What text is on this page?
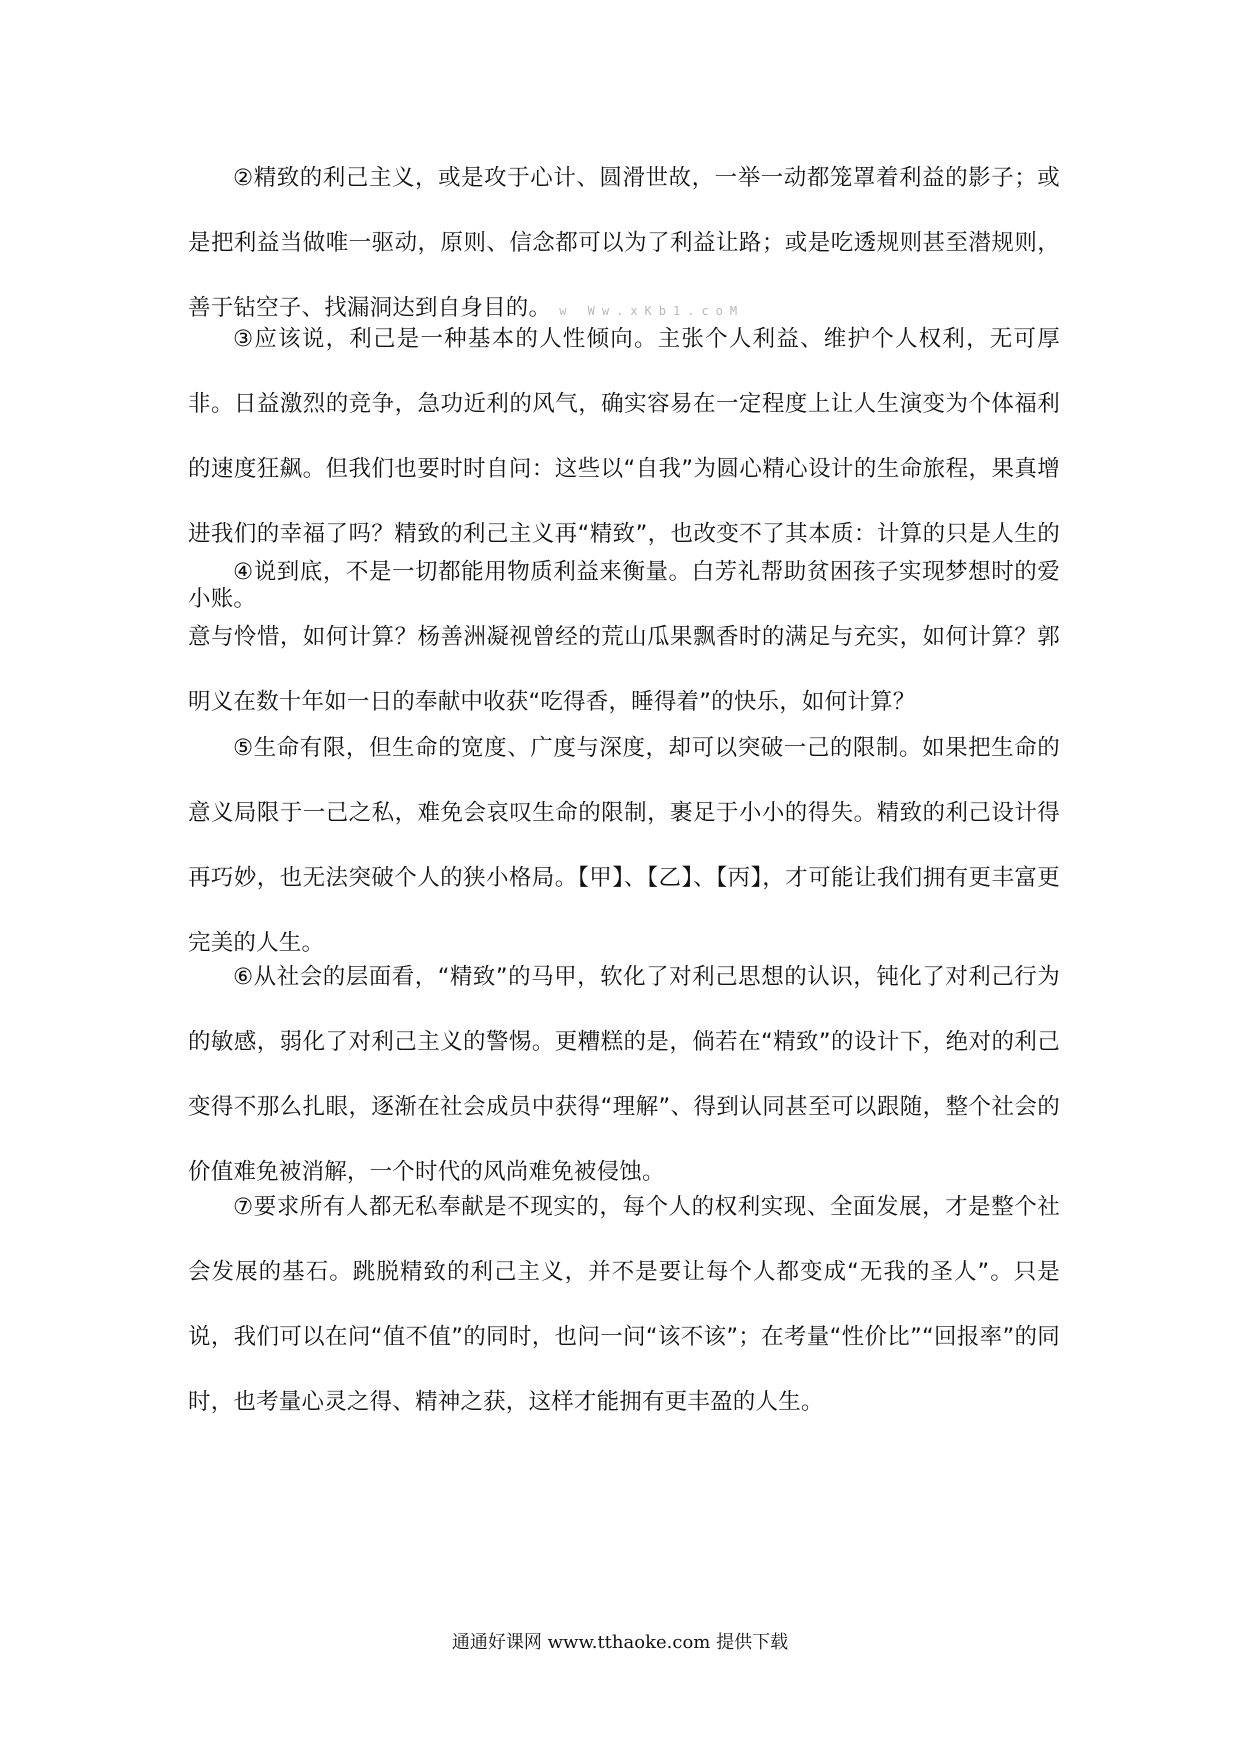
②精致的利己主义，或是攻于心计、圆滑世故，一举一动都笼罩着利益的影子；或是把利益当做唯一驱动，原则、信念都可以为了利益让路；或是吃透规则甚至潜规则，善于钻空子、找漏洞达到自身目的。 w Ww.xKb1.coM

③应该说，利己是一种基本的人性倾向。主张个人利益、维护个人权利，无可厚非。日益激烈的竞争，急功近利的风气，确实容易在一定程度上让人生演变为个体福利的速度狂飙。但我们也要时时自问：这些以“自我”为圆心精心设计的生命旅程，果真增进我们的幸福了吗？精致的利己主义再“精致”，也改变不了其本质：计算的只是人生的小账。

④说到底，不是一切都能用物质利益来衡量。白芳礼帮助贫困孩子实现梦想时的爱意与怜惜，如何计算？杨善洲凝视曾经的荒山瓜果飘香时的满足与充实，如何计算？郭明义在数十年如一日的奉献中收获“吃得香，睡得着”的快乐，如何计算？

⑤生命有限，但生命的宽度、广度与深度，却可以突破一己的限制。如果把生命的意义局限于一己之私，难免会哀叹生命的限制，裹足于小小的得失。精致的利己设计得再巧妙，也无法突破个人的狭小格局。【甲】、【乙】、【丙】，才可能让我们拥有更丰富更完美的人生。

⑥从社会的层面看，“精致”的马甲，软化了对利己思想的认识，钝化了对利己行为的敏感，弱化了对利己主义的警惕。更糟糕的是，倘若在“精致”的设计下，绝对的利己变得不那么扎眼，逐渐在社会成员中获得“理解”、得到认同甚至可以跟随，整个社会的价值难免被消解，一个时代的风尚难免被侵蚀。

⑦要求所有人都无私奉献是不现实的，每个人的权利实现、全面发展，才是整个社会发展的基石。跳脱精致的利己主义，并不是要让每个人都变成“无我的圣人”。只是说，我们可以在问“值不值”的同时，也问一问“该不该”；在考量“性价比”“回报率”的同时，也考量心灵之得、精神之获，这样才能拥有更丰盈的人生。

通通好课网 www.tthaoke.com 提供下载
